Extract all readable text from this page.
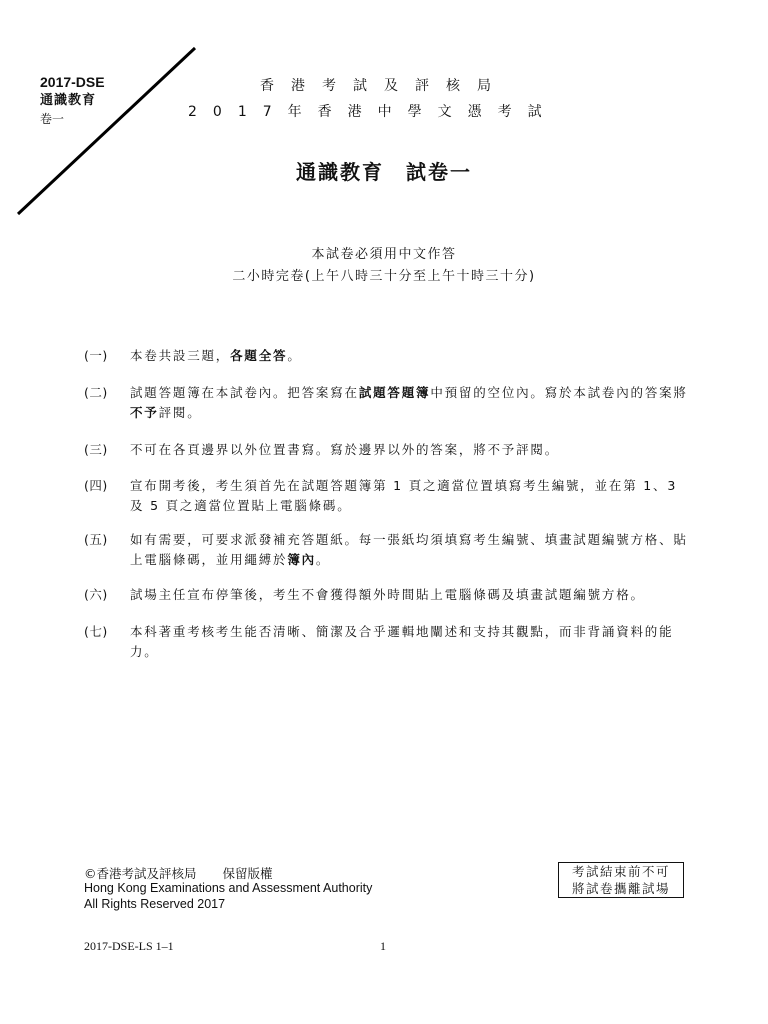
2017-DSE
通識教育
卷一
香港考試及評核局
2017年香港中學文憑考試
通識教育　試卷一
本試卷必須用中文作答
二小時完卷(上午八時三十分至上午十時三十分)
(一)	本卷共設三題，各題全答。
(二)	試題答題簿在本試卷內。把答案寫在試題答題簿中預留的空位內。寫於本試卷內的答案將不予評閱。
(三)	不可在各頁邊界以外位置書寫。寫於邊界以外的答案，將不予評閱。
(四)	宣布開考後，考生須首先在試題答題簿第 1 頁之適當位置填寫考生編號，並在第 1、3 及 5 頁之適當位置貼上電腦條碼。
(五)	如有需要，可要求派發補充答題紙。每一張紙均須填寫考生編號、填畫試題編號方格、貼上電腦條碼，並用繩縛於簿內。
(六)	試場主任宣布停筆後，考生不會獲得額外時間貼上電腦條碼及填畫試題編號方格。
(七)	本科著重考核考生能否清晰、簡潔及合乎邏輯地闡述和支持其觀點，而非背誦資料的能力。
©香港考試及評核局 保留版權
Hong Kong Examinations and Assessment Authority
All Rights Reserved 2017
考試結束前不可
將試卷攜離試場
2017-DSE-LS 1–1	1
